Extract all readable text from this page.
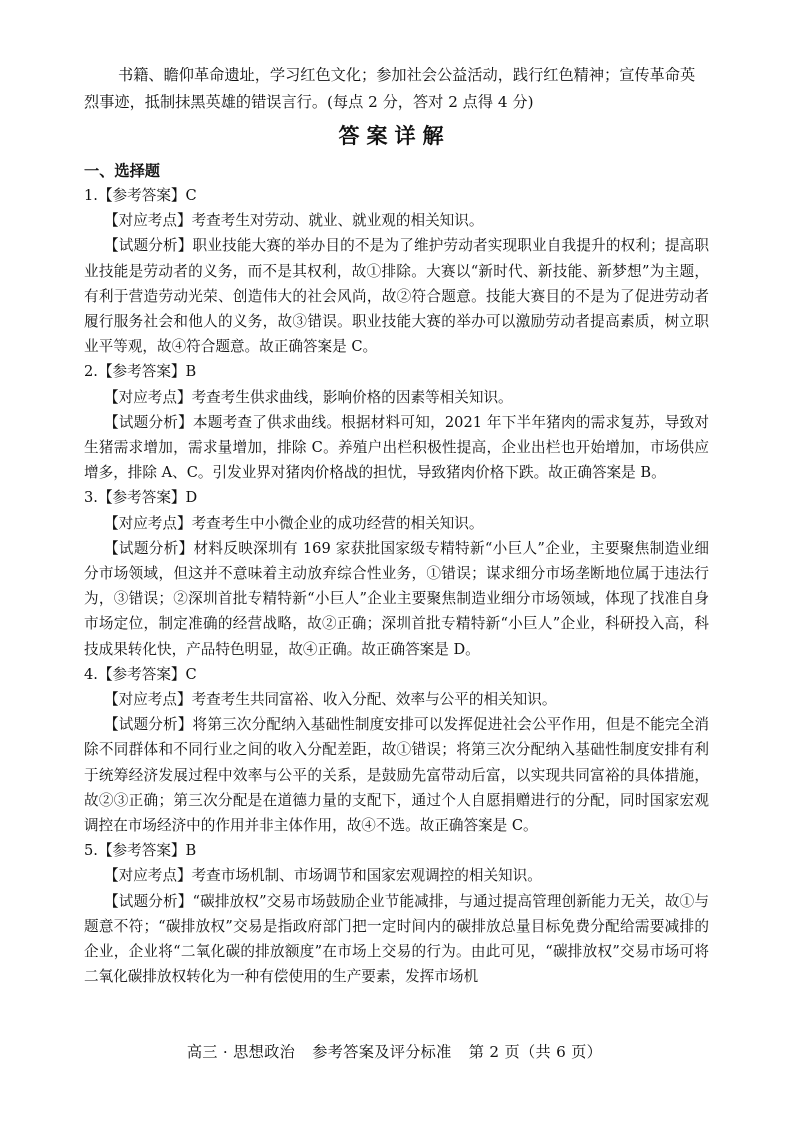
书籍、瞻仰革命遗址，学习红色文化；参加社会公益活动，践行红色精神；宣传革命英

烈事迹，抵制抹黑英雄的错误言行。(每点 2 分，答对 2 点得 4 分)

答案详解
一、选择题

1.【参考答案】C

【对应考点】考查考生对劳动、就业、就业观的相关知识。

【试题分析】职业技能大赛的举办目的不是为了维护劳动者实现职业自我提升的权利；提高职业技能是劳动者的义务，而不是其权利，故①排除。大赛以“新时代、新技能、新梦想”为主题，有利于营造劳动光荣、创造伟大的社会风尚，故②符合题意。技能大赛目的不是为了促进劳动者履行服务社会和他人的义务，故③错误。职业技能大赛的举办可以激励劳动者提高素质，树立职业平等观，故④符合题意。故正确答案是 C。

2.【参考答案】B

【对应考点】考查考生供求曲线，影响价格的因素等相关知识。

【试题分析】本题考查了供求曲线。根据材料可知，2021 年下半年猪肉的需求复苏，导致对生猪需求增加，需求量增加，排除 C。养殖户出栏积极性提高，企业出栏也开始增加，市场供应增多，排除 A、C。引发业界对猪肉价格战的担忧，导致猪肉价格下跌。故正确答案是 B。

3.【参考答案】D

【对应考点】考查考生中小微企业的成功经营的相关知识。

【试题分析】材料反映深圳有 169 家获批国家级专精特新“小巨人”企业，主要聚焦制造业细分市场领域，但这并不意味着主动放弃综合性业务，①错误；谋求细分市场垄断地位属于违法行为，③错误；②深圳首批专精特新“小巨人”企业主要聚焦制造业细分市场领域，体现了找准自身市场定位，制定准确的经营战略，故②正确；深圳首批专精特新“小巨人”企业，科研投入高，科技成果转化快，产品特色明显，故④正确。故正确答案是 D。

4.【参考答案】C

【对应考点】考查考生共同富裕、收入分配、效率与公平的相关知识。

【试题分析】将第三次分配纳入基础性制度安排可以发挥促进社会公平作用，但是不能完全消除不同群体和不同行业之间的收入分配差距，故①错误；将第三次分配纳入基础性制度安排有利于统筹经济发展过程中效率与公平的关系，是鼓励先富带动后富，以实现共同富裕的具体措施，故②③正确；第三次分配是在道德力量的支配下，通过个人自愿捐赠进行的分配，同时国家宏观调控在市场经济中的作用并非主体作用，故④不选。故正确答案是 C。

5.【参考答案】B

【对应考点】考查市场机制、市场调节和国家宏观调控的相关知识。

【试题分析】“碳排放权”交易市场鼓励企业节能减排，与通过提高管理创新能力无关，故①与题意不符；“碳排放权”交易是指政府部门把一定时间内的碳排放总量目标免费分配给需要减排的企业，企业将“二氧化碳的排放额度”在市场上交易的行为。由此可见，“碳排放权”交易市场可将二氧化碳排放权转化为一种有偿使用的生产要素，发挥市场机

高三 · 思想政治 参考答案及评分标准 第 2 页（共 6 页）
